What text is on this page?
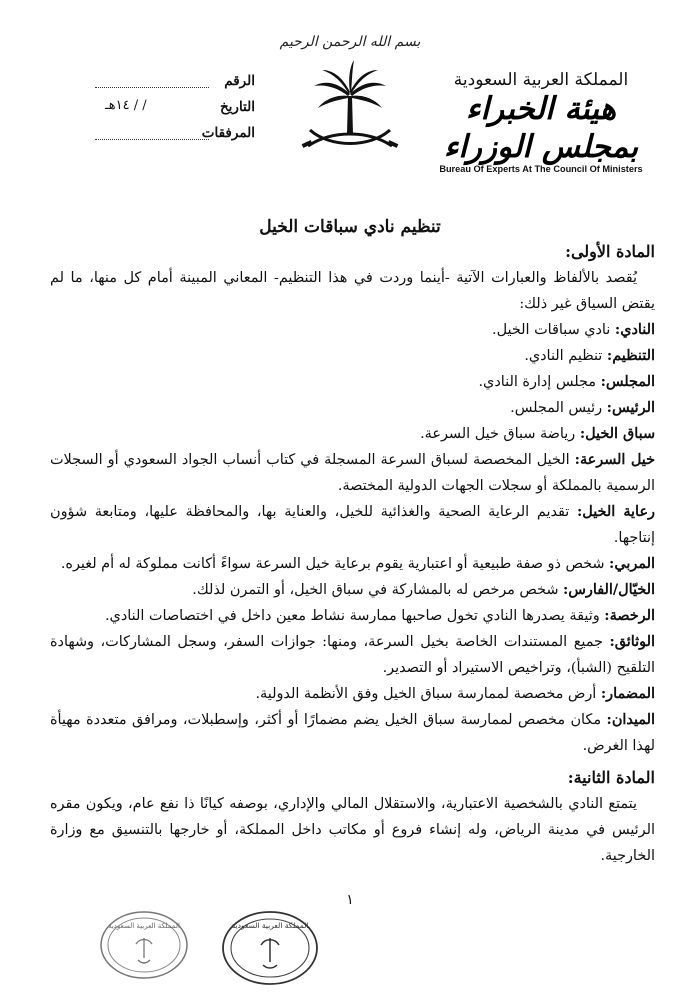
بسم الله الرحمن الرحيم
المملكة العربية السعودية
هيئة الخبراء بمجلس الوزراء
Bureau Of Experts At The Council Of Ministers
الرقم
التاريخ
/ / ١٤هـ
المرفقات
تنظيم نادي سباقات الخيل

المادة الأولى:

يُقصد بالألفاظ والعبارات الآتية -أينما وردت في هذا التنظيم- المعاني المبينة أمام كل منها، ما لم يقتض السياق غير ذلك:

النادي: نادي سباقات الخيل.

التنظيم: تنظيم النادي.

المجلس: مجلس إدارة النادي.

الرئيس: رئيس المجلس.

سباق الخيل: رياضة سباق خيل السرعة.

خيل السرعة: الخيل المخصصة لسباق السرعة المسجلة في كتاب أنساب الجواد السعودي أو السجلات الرسمية بالمملكة أو سجلات الجهات الدولية المختصة.

رعاية الخيل: تقديم الرعاية الصحية والغذائية للخيل، والعناية بها، والمحافظة عليها، ومتابعة شؤون إنتاجها.

المربي: شخص ذو صفة طبيعية أو اعتبارية يقوم برعاية خيل السرعة سواءً أكانت مملوكة له أم لغيره.

الخيّال/الفارس: شخص مرخص له بالمشاركة في سباق الخيل، أو التمرن لذلك.

الرخصة: وثيقة يصدرها النادي تخول صاحبها ممارسة نشاط معين داخل في اختصاصات النادي.

الوثائق: جميع المستندات الخاصة بخيل السرعة، ومنها: جوازات السفر، وسجل المشاركات، وشهادة التلقيح (الشبأ)، وتراخيص الاستيراد أو التصدير.

المضمار: أرض مخصصة لممارسة سباق الخيل وفق الأنظمة الدولية.

الميدان: مكان مخصص لممارسة سباق الخيل يضم مضمارًا أو أكثر، وإسطبلات، ومرافق متعددة مهيأة لهذا الغرض.

المادة الثانية:

يتمتع النادي بالشخصية الاعتبارية، والاستقلال المالي والإداري، بوصفه كيانًا ذا نفع عام، ويكون مقره الرئيس في مدينة الرياض، وله إنشاء فروع أو مكاتب داخل المملكة، أو خارجها بالتنسيق مع وزارة الخارجية.

١
المملكة العربية السعودية	المملكة العربية السعودية
